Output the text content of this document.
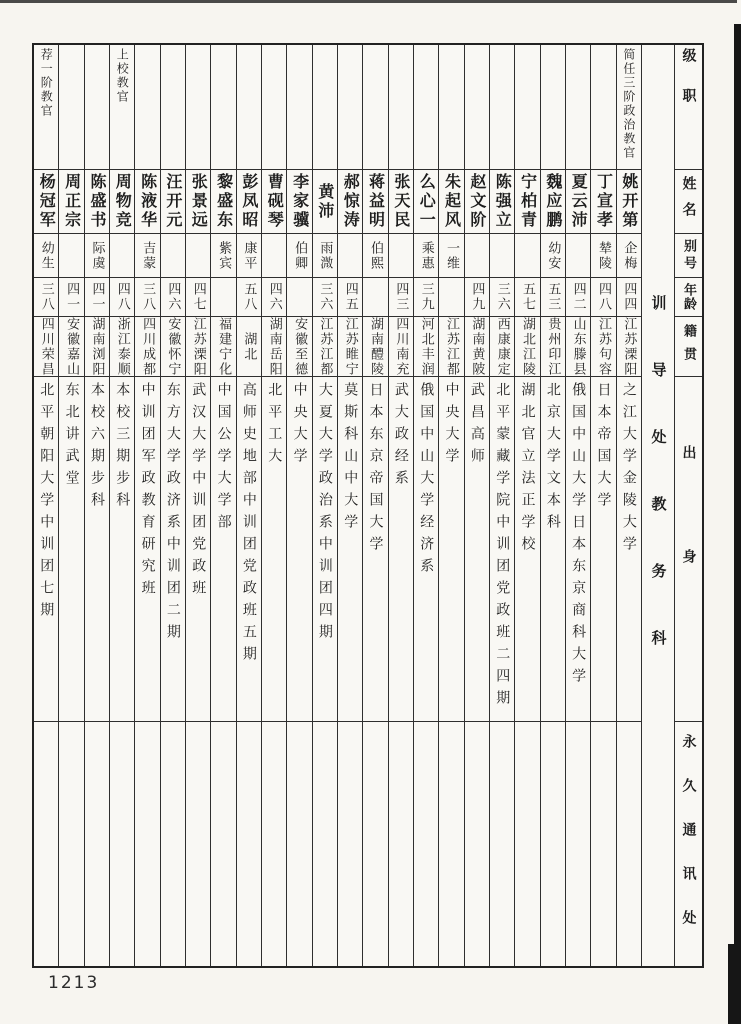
级职
姓名
别号
年龄
籍贯
出身
永久通讯处
训导处教务科
简任三阶政治教官
姚开第
企梅
四四
江苏溧阳
之江大学金陵大学
丁宣孝
辇陵
四八
江苏句容
日本帝国大学
夏云沛
四二
山东滕县
俄国中山大学日本东京商科大学
魏应鹏
幼安
五三
贵州印江
北京大学文本科
宁柏青
五七
湖北江陵
湖北官立法正学校
陈强立
三六
西康康定
北平蒙藏学院中训团党政班二四期
赵文阶
四九
湖南黄陂
武昌高师
朱起风
一维
江苏江都
中央大学
么心一
乘惠
三九
河北丰润
俄国中山大学经济系
张天民
四三
四川南充
武大政经系
蒋益明
伯熙
湖南醴陵
日本东京帝国大学
郝惊涛
四五
江苏睢宁
莫斯科山中大学
黄沛
雨溦
三六
江苏江都
大夏大学政治系中训团四期
李家骥
伯卿
安徽至德
中央大学
曹砚琴
四六
湖南岳阳
北平工大
彭凤昭
康平
五八
湖北
高师史地部中训团党政班五期
黎盛东
紫宾
福建宁化
中国公学大学部
张景远
四七
江苏溧阳
武汉大学中训团党政班
汪开元
四六
安徽怀宁
东方大学政济系中训团二期
陈液华
吉蒙
三八
四川成都
中训团军政教育研究班
上校教官
周物竞
四八
浙江泰顺
本校三期步科
陈盛书
际虞
四一
湖南浏阳
本校六期步科
周正宗
四一
安徽嘉山
东北讲武堂
荐一阶教官
杨冠军
幼生
三八
四川荣昌
北平朝阳大学中训团七期
1213
